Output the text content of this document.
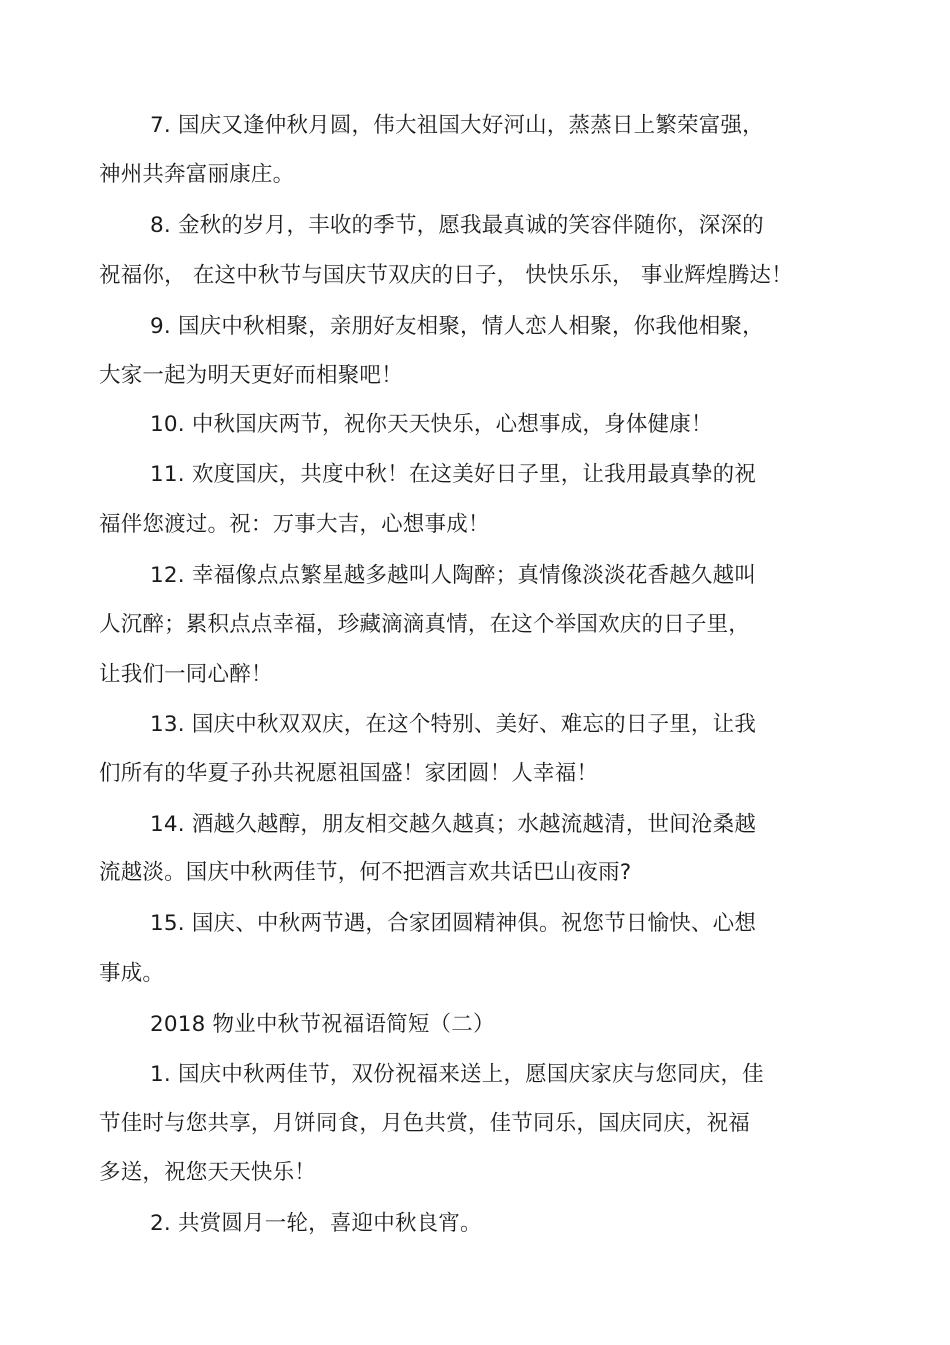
7. 国庆又逢仲秋月圆，伟大祖国大好河山，蒸蒸日上繁荣富强，
神州共奔富丽康庄。
8. 金秋的岁月，丰收的季节，愿我最真诚的笑容伴随你，深深的
祝福你， 在这中秋节与国庆节双庆的日子， 快快乐乐， 事业辉煌腾达！
9. 国庆中秋相聚，亲朋好友相聚，情人恋人相聚，你我他相聚，
大家一起为明天更好而相聚吧！
10. 中秋国庆两节，祝你天天快乐，心想事成，身体健康！
11. 欢度国庆，共度中秋！在这美好日子里，让我用最真挚的祝
福伴您渡过。祝：万事大吉，心想事成！
12. 幸福像点点繁星越多越叫人陶醉；真情像淡淡花香越久越叫
人沉醉；累积点点幸福，珍藏滴滴真情，在这个举国欢庆的日子里，
让我们一同心醉！
13. 国庆中秋双双庆，在这个特别、美好、难忘的日子里，让我
们所有的华夏子孙共祝愿祖国盛！家团圆！人幸福！
14. 酒越久越醇，朋友相交越久越真；水越流越清，世间沧桑越
流越淡。国庆中秋两佳节，何不把酒言欢共话巴山夜雨?
15. 国庆、中秋两节遇，合家团圆精神俱。祝您节日愉快、心想
事成。
2018 物业中秋节祝福语简短（二）
1. 国庆中秋两佳节，双份祝福来送上，愿国庆家庆与您同庆，佳
节佳时与您共享，月饼同食，月色共赏，佳节同乐，国庆同庆，祝福
多送，祝您天天快乐！
2. 共赏圆月一轮，喜迎中秋良宵。
